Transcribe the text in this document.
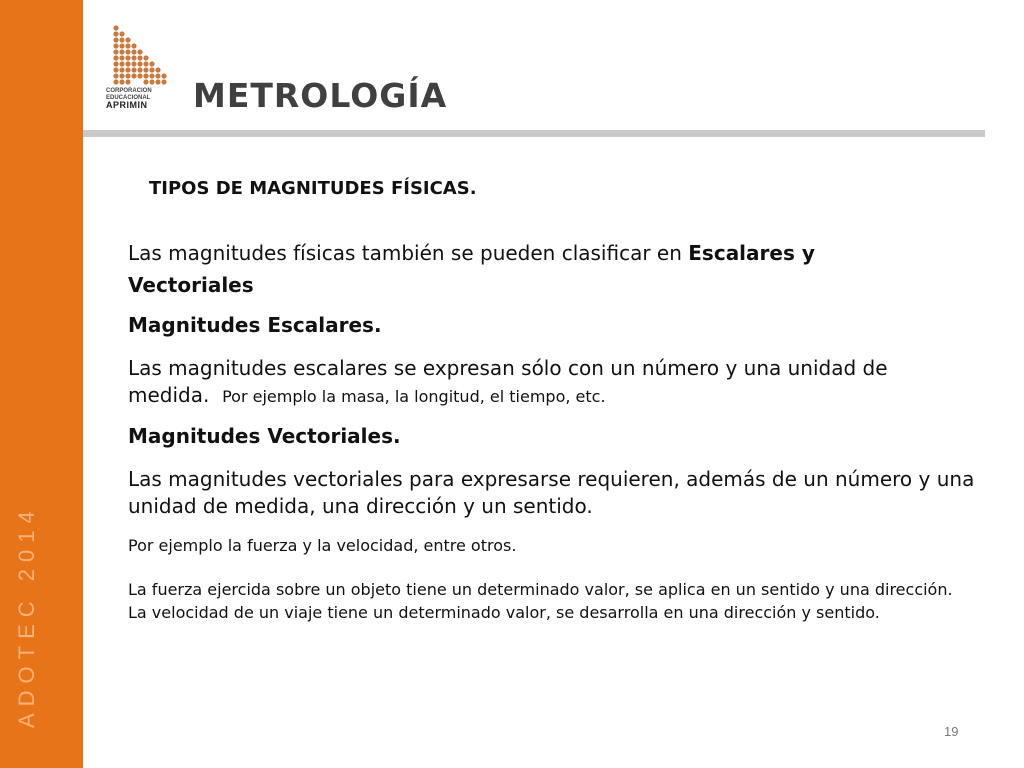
ADOTEC 2014
CORPORACION
EDUCACIONAL
APRIMIN	METROLOGÍA
TIPOS DE MAGNITUDES FÍSICAS.

Las magnitudes físicas también se pueden clasificar en Escalares y
Vectoriales

Magnitudes Escalares.

Las magnitudes escalares se expresan sólo con un número y una unidad de medida. Por ejemplo la masa, la longitud, el tiempo, etc.

Magnitudes Vectoriales.

Las magnitudes vectoriales para expresarse requieren, además de un número y una unidad de medida, una dirección y un sentido.

Por ejemplo la fuerza y la velocidad, entre otros.

La fuerza ejercida sobre un objeto tiene un determinado valor, se aplica en un sentido y una dirección.

La velocidad de un viaje tiene un determinado valor, se desarrolla en una dirección y sentido.

19
